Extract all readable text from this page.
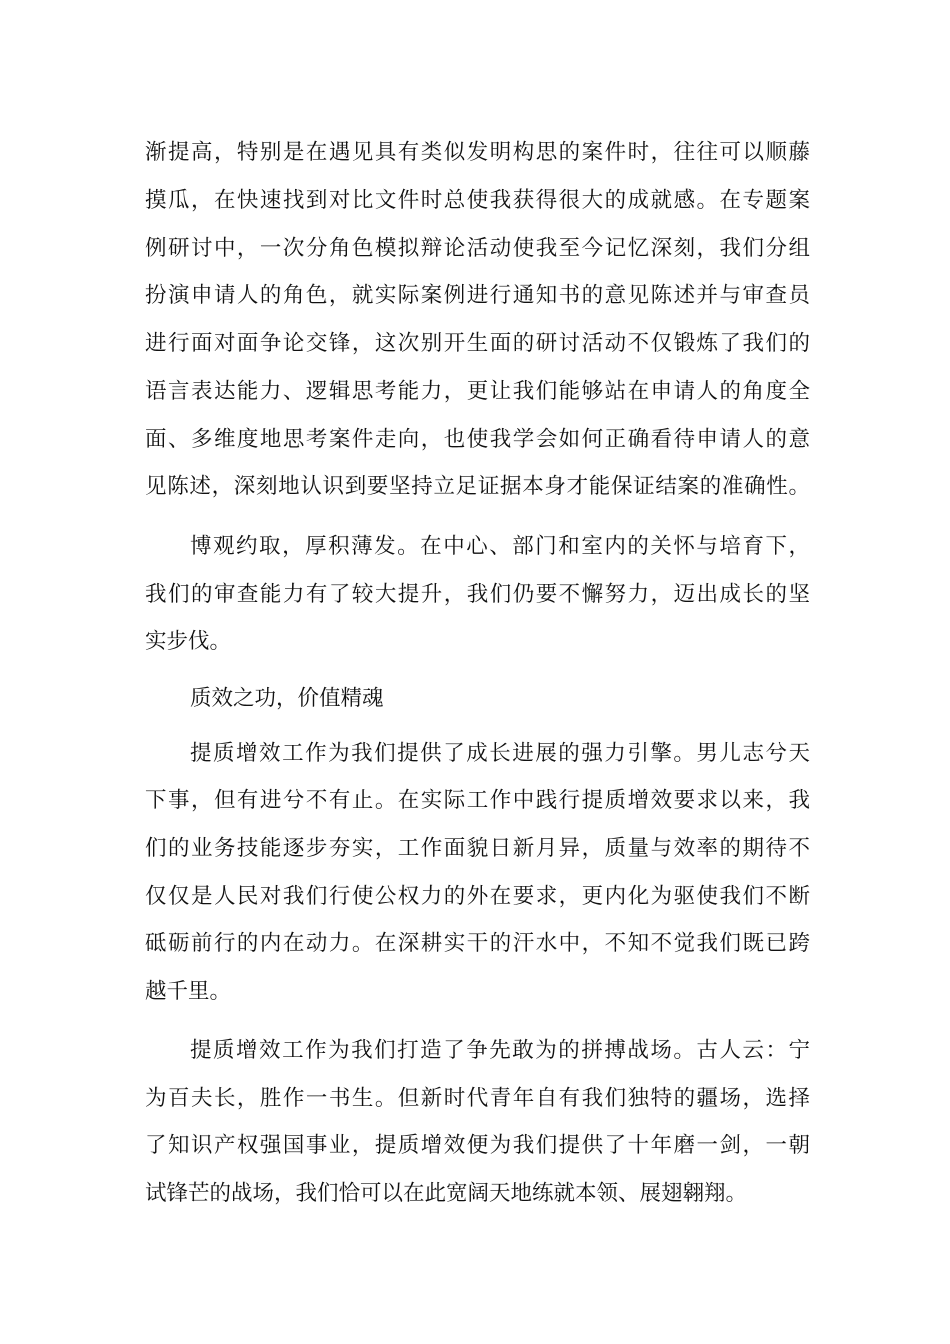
渐提高，特别是在遇见具有类似发明构思的案件时，往往可以顺藤
摸瓜，在快速找到对比文件时总使我获得很大的成就感。在专题案
例研讨中，一次分角色模拟辩论活动使我至今记忆深刻，我们分组
扮演申请人的角色，就实际案例进行通知书的意见陈述并与审查员
进行面对面争论交锋，这次别开生面的研讨活动不仅锻炼了我们的
语言表达能力、逻辑思考能力，更让我们能够站在申请人的角度全
面、多维度地思考案件走向，也使我学会如何正确看待申请人的意
见陈述，深刻地认识到要坚持立足证据本身才能保证结案的准确性。
博观约取，厚积薄发。在中心、部门和室内的关怀与培育下，
我们的审查能力有了较大提升，我们仍要不懈努力，迈出成长的坚
实步伐。
质效之功，价值精魂
提质增效工作为我们提供了成长进展的强力引擎。男儿志兮天
下事，但有进兮不有止。在实际工作中践行提质增效要求以来，我
们的业务技能逐步夯实，工作面貌日新月异，质量与效率的期待不
仅仅是人民对我们行使公权力的外在要求，更内化为驱使我们不断
砥砺前行的内在动力。在深耕实干的汗水中，不知不觉我们既已跨
越千里。
提质增效工作为我们打造了争先敢为的拼搏战场。古人云：宁
为百夫长，胜作一书生。但新时代青年自有我们独特的疆场，选择
了知识产权强国事业，提质增效便为我们提供了十年磨一剑，一朝
试锋芒的战场，我们恰可以在此宽阔天地练就本领、展翅翱翔。
